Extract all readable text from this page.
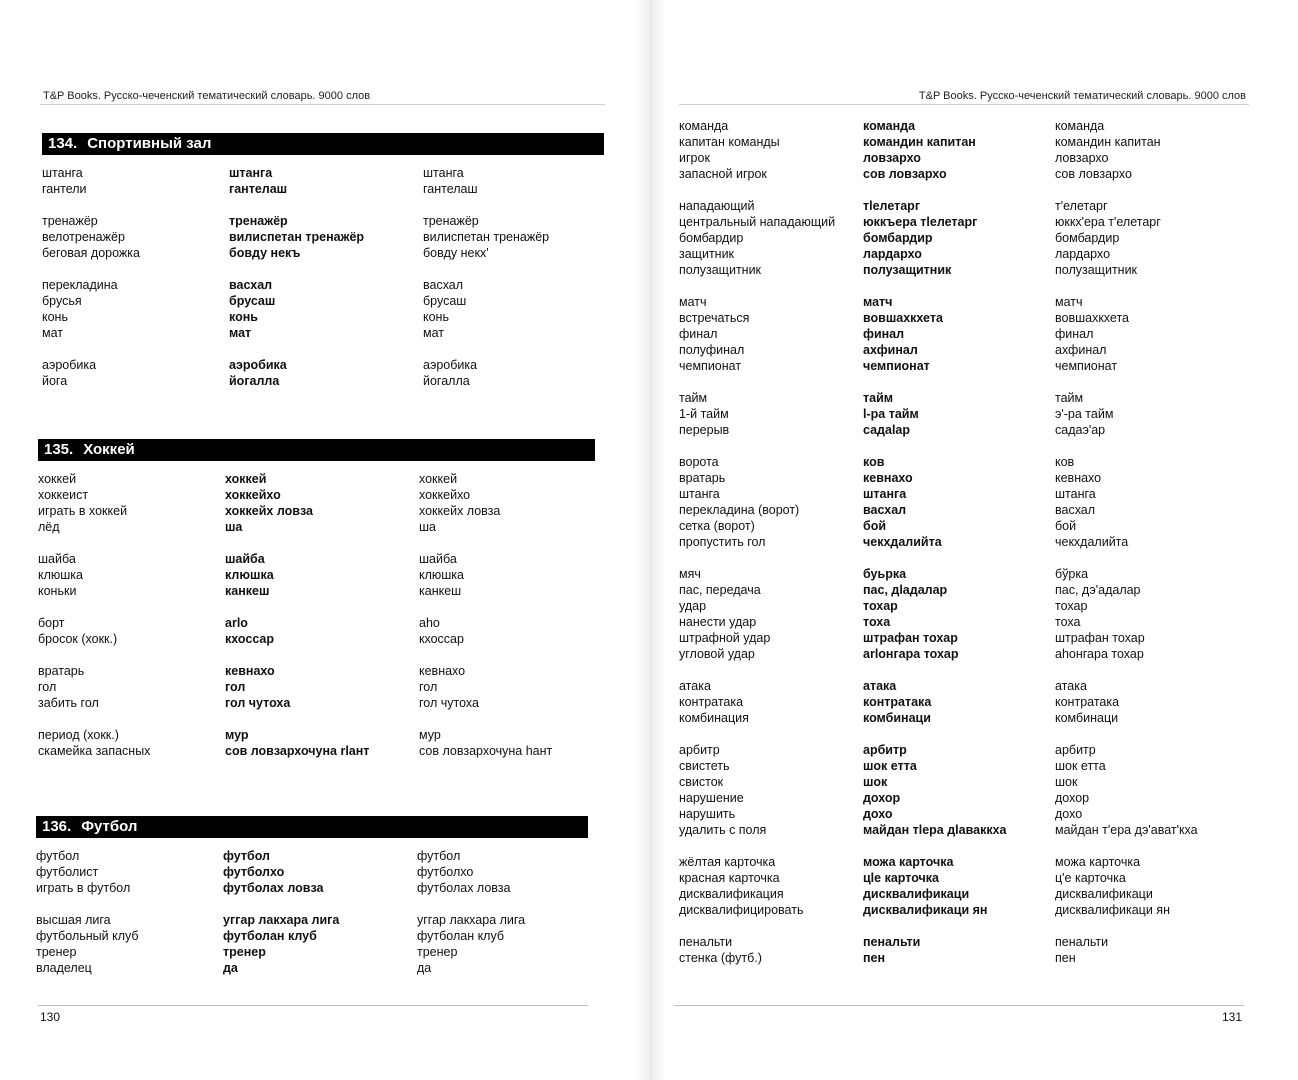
T&P Books. Русско-чеченский тематический словарь. 9000 слов
134. Спортивный зал
штанга	штанга	штанга
гантели	гантелаш	гантелаш
тренажёр	тренажёр	тренажёр
велотренажёр	вилиспетан тренажёр	вилиспетан тренажёр
беговая дорожка	бовду некъ	бовду некх'
перекладина	васхал	васхал
брусья	брусаш	брусаш
конь	конь	конь
мат	мат	мат
аэробика	аэробика	аэробика
йога	йогалла	йогалла
135. Хоккей
хоккей	хоккей	хоккей
хоккеист	хоккейхо	хоккейхо
играть в хоккей	хоккейх ловза	хоккейх ловза
лёд	ша	ша
шайба	шайба	шайба
клюшка	клюшка	клюшка
коньки	канкеш	канкеш
борт	arlo	aho
бросок (хокк.)	кхоссар	кхоссар
вратарь	кевнахо	кевнахо
гол	гол	гол
забить гол	гол чутоха	гол чутоха
период (хокк.)	мур	мур
скамейка запасных	сов ловзархочуна rlант	сов ловзархочуна hант
136. Футбол
футбол	футбол	футбол
футболист	футболхо	футболхо
играть в футбол	футболах ловза	футболах ловза
высшая лига	уггар лакхара лига	уггар лакхара лига
футбольный клуб	футболан клуб	футболан клуб
тренер	тренер	тренер
владелец	да	да
130
T&P Books. Русско-чеченский тематический словарь. 9000 слов
команда	команда	команда
капитан команды	командин капитан	командин капитан
игрок	ловзархо	ловзархо
запасной игрок	сов ловзархо	сов ловзархо
нападающий	тlелетарг	т'елетарг
центральный нападающий	юккъера тlелетарг	юккх'ера т'елетарг
бомбардир	бомбардир	бомбардир
защитник	лардархо	лардархо
полузащитник	полузащитник	полузащитник
матч	матч	матч
встречаться	вовшахкхета	вовшахкхета
финал	финал	финал
полуфинал	ахфинал	ахфинал
чемпионат	чемпионат	чемпионат
тайм	тайм	тайм
1-й тайм	l-ра тайм	э'-ра тайм
перерыв	садаlар	садаэ'ар
ворота	ков	ков
вратарь	кевнахо	кевнахо
штанга	штанга	штанга
перекладина (ворот)	васхал	васхал
сетка (ворот)	бой	бой
пропустить гол	чекхдалийта	чекхдалийта
мяч	буьрка	бўрка
пас, передача	пас, дlадалар	пас, дэ'адалар
удар	тохар	тохар
нанести удар	тоха	тоха
штрафной удар	штрафан тохар	штрафан тохар
угловой удар	аrlонгара тохар	аhонгара тохар
атака	атака	атака
контратака	контратака	контратака
комбинация	комбинаци	комбинаци
арбитр	арбитр	арбитр
свистеть	шок етта	шок етта
свисток	шок	шок
нарушение	дохор	дохор
нарушить	дохо	дохо
удалить с поля	майдан тlера дlаваккха	майдан т'ера дэ'ават'кха
жёлтая карточка	можа карточка	можа карточка
красная карточка	цlе карточка	ц'е карточка
дисквалификация	дисквалификаци	дисквалификаци
дисквалифицировать	дисквалификаци ян	дисквалификаци ян
пенальти	пенальти	пенальти
стенка (футб.)	пен	пен
131
